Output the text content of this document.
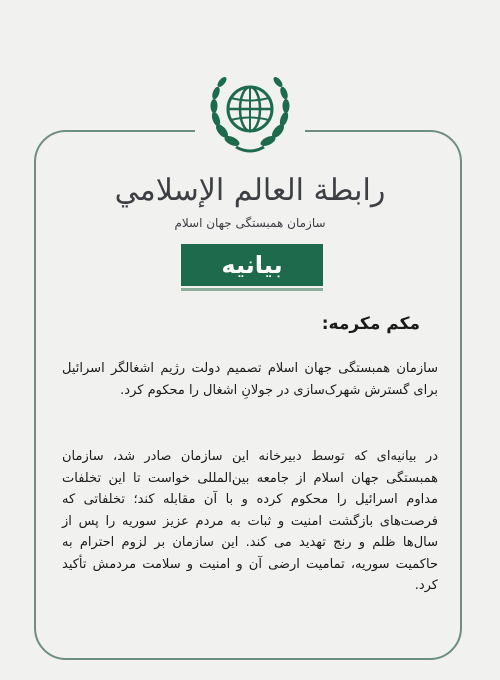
رابطة العالم الإسلامي
سازمان همبستگی جهان اسلام
بیانیه
مکم مکرمه:
سازمان همبستگی جهان اسلام تصمیم دولت رژیم اشغالگر اسرائیل برای گسترش شهرک‌سازی در جولانِ اشغال را محکوم کرد.
در بیانیه‌ای که توسط دبیرخانه این سازمان صادر شد، سازمان همبستگی جهان اسلام از جامعه بین‌المللی خواست تا این تخلفات مداوم اسرائیل را محکوم کرده و با آن مقابله کند؛ تخلفاتی که فرصت‌های بازگشت امنیت و ثبات به مردم عزیز سوریه را پس از سال‌ها ظلم و رنج تهدید می کند. این سازمان بر لزوم احترام به حاکمیت سوریه، تمامیت ارضی آن و امنیت و سلامت مردمش تأکید کرد.
